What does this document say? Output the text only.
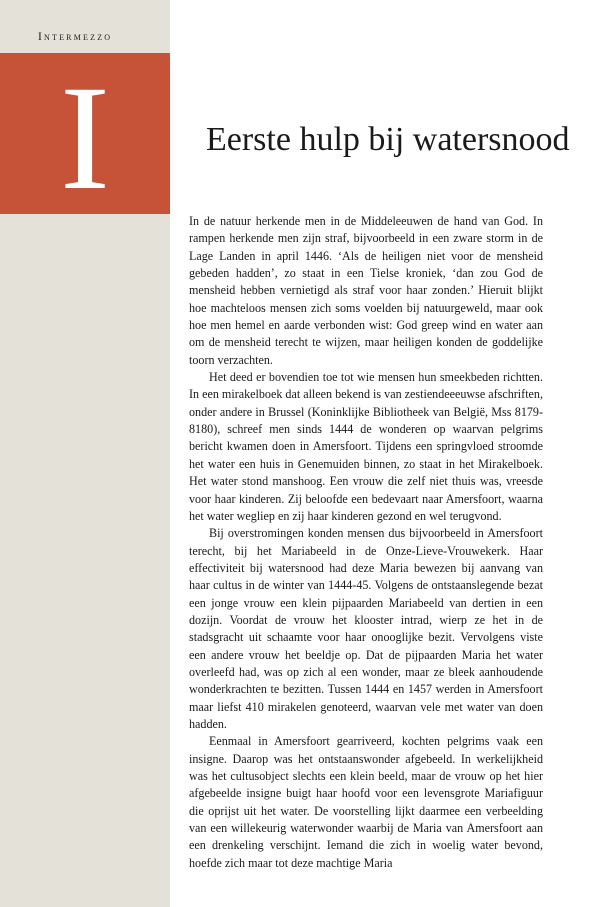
Intermezzo
I	Eerste hulp bij watersnood

In de natuur herkende men in de Middeleeuwen de hand van God. In rampen herkende men zijn straf, bijvoorbeeld in een zware storm in de Lage Landen in april 1446. ‘Als de heiligen niet voor de mensheid gebeden hadden’, zo staat in een Tielse kroniek, ‘dan zou God de mensheid hebben vernietigd als straf voor haar zonden.’ Hieruit blijkt hoe machteloos mensen zich soms voelden bij natuurgeweld, maar ook hoe men hemel en aarde verbonden wist: God greep wind en water aan om de mensheid terecht te wijzen, maar heiligen konden de goddelijke toorn verzachten.

Het deed er bovendien toe tot wie mensen hun smeekbeden richtten. In een mirakelboek dat alleen bekend is van zestiendeeeuwse afschriften, onder andere in Brussel (Koninklijke Bibliotheek van België, Mss 8179-8180), schreef men sinds 1444 de wonderen op waarvan pelgrims bericht kwamen doen in Amersfoort. Tijdens een springvloed stroomde het water een huis in Genemuiden binnen, zo staat in het Mirakelboek. Het water stond manshoog. Een vrouw die zelf niet thuis was, vreesde voor haar kinderen. Zij beloofde een bedevaart naar Amersfoort, waarna het water wegliep en zij haar kinderen gezond en wel terugvond.

Bij overstromingen konden mensen dus bijvoorbeeld in Amersfoort terecht, bij het Mariabeeld in de Onze-Lieve-Vrouwekerk. Haar effectiviteit bij watersnood had deze Maria bewezen bij aanvang van haar cultus in de winter van 1444-45. Volgens de ontstaanslegende bezat een jonge vrouw een klein pijpaarden Mariabeeld van dertien in een dozijn. Voordat de vrouw het klooster intrad, wierp ze het in de stadsgracht uit schaamte voor haar onooglijke bezit. Vervolgens viste een andere vrouw het beeldje op. Dat de pijpaarden Maria het water overleefd had, was op zich al een wonder, maar ze bleek aanhoudende wonderkrachten te bezitten. Tussen 1444 en 1457 werden in Amersfoort maar liefst 410 mirakelen genoteerd, waarvan vele met water van doen hadden.

Eenmaal in Amersfoort gearriveerd, kochten pelgrims vaak een insigne. Daarop was het ontstaanswonder afgebeeld. In werkelijkheid was het cultusobject slechts een klein beeld, maar de vrouw op het hier afgebeelde insigne buigt haar hoofd voor een levensgrote Mariafiguur die oprijst uit het water. De voorstelling lijkt daarmee een verbeelding van een willekeurig waterwonder waarbij de Maria van Amersfoort aan een drenkeling verschijnt. Iemand die zich in woelig water bevond, hoefde zich maar tot deze machtige Maria
